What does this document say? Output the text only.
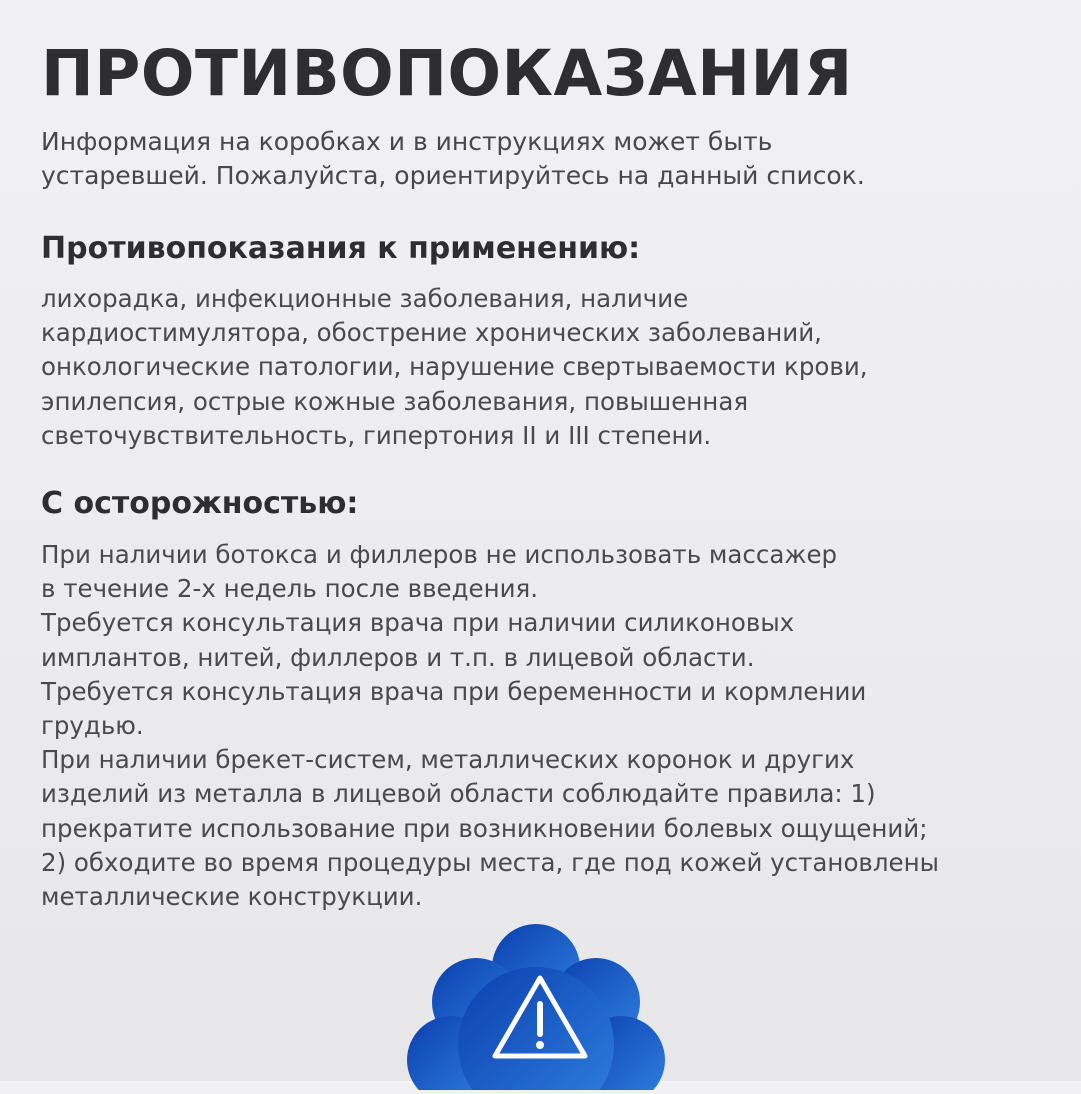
ПРОТИВОПОКАЗАНИЯ

Информация на коробках и в инструкциях может быть
устаревшей. Пожалуйста, ориентируйтесь на данный список.

Противопоказания к применению:

лихорадка, инфекционные заболевания, наличие
кардиостимулятора, обострение хронических заболеваний,
онкологические патологии, нарушение свертываемости крови,
эпилепсия, острые кожные заболевания, повышенная
светочувствительность, гипертония II и III степени.

С осторожностью:

При наличии ботокса и филлеров не использовать массажер
в течение 2-х недель после введения.
Требуется консультация врача при наличии силиконовых
имплантов, нитей, филлеров и т.п. в лицевой области.
Требуется консультация врача при беременности и кормлении
грудью.
При наличии брекет-систем, металлических коронок и других
изделий из металла в лицевой области соблюдайте правила: 1)
прекратите использование при возникновении болевых ощущений;
2) обходите во время процедуры места, где под кожей установлены
металлические конструкции.
